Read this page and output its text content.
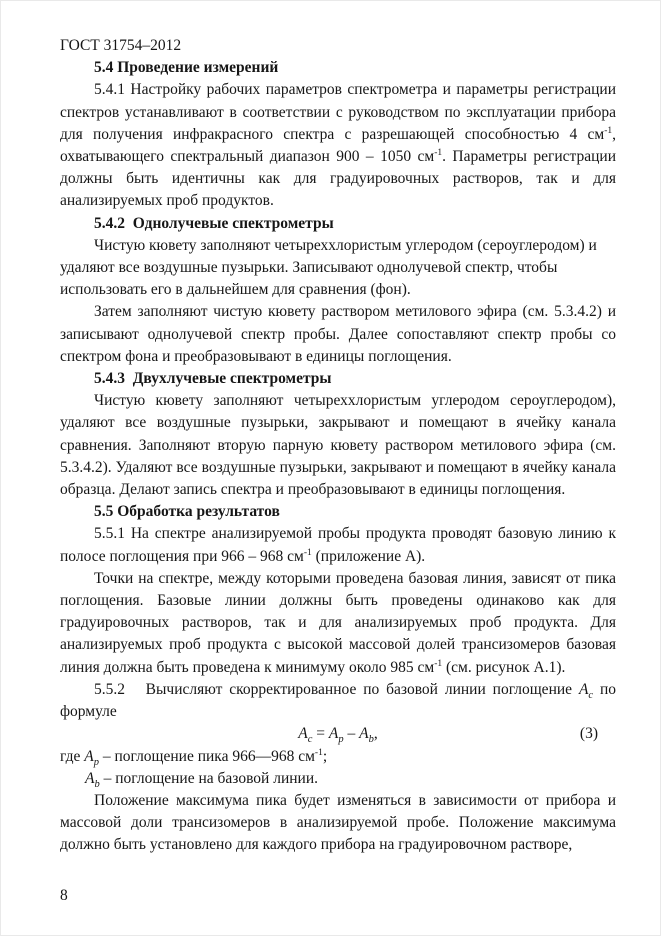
ГОСТ 31754–2012

5.4 Проведение измерений

5.4.1 Настройку рабочих параметров спектрометра и параметры регистрации спектров устанавливают в соответствии с руководством по эксплуатации прибора для получения инфракрасного спектра с разрешающей способностью 4 $см^{-1}$, охватывающего спектральный диапазон 900 – 1050 $см^{-1}$. Параметры регистрации должны быть идентичны как для градуировочных растворов, так и для анализируемых проб продуктов.

5.4.2  Однолучевые спектрометры

Чистую кювету заполняют четыреххлористым углеродом (сероуглеродом) и
удаляют все воздушные пузырьки. Записывают однолучевой спектр, чтобы
использовать его в дальнейшем для сравнения (фон).

Затем заполняют чистую кювету раствором метилового эфира (см. 5.3.4.2) и записывают однолучевой спектр пробы. Далее сопоставляют спектр пробы со спектром фона и преобразовывают в единицы поглощения.

5.4.3  Двухлучевые спектрометры

Чистую кювету заполняют четыреххлористым углеродом сероуглеродом), удаляют все воздушные пузырьки, закрывают и помещают в ячейку канала сравнения. Заполняют вторую парную кювету раствором метилового эфира (см. 5.3.4.2). Удаляют все воздушные пузырьки, закрывают и помещают в ячейку канала образца. Делают запись спектра и преобразовывают в единицы поглощения.

5.5 Обработка результатов

5.5.1 На спектре анализируемой пробы продукта проводят базовую линию к полосе поглощения при 966 – 968 $см^{-1}$ (приложение А).

Точки на спектре, между которыми проведена базовая линия, зависят от пика поглощения. Базовые линии должны быть проведены одинаково как для градуировочных растворов, так и для анализируемых проб продукта. Для анализируемых проб продукта с высокой массовой долей трансизомеров базовая линия должна быть проведена к минимуму около 985 $см^{-1}$ (см. рисунок А.1).

5.5.2   Вычисляют скорректированное по базовой линии поглощение $A_c$ по формуле

$A_c = A_p - A_b$,	(3)

где $A_p$ – поглощение пика 966—968 $см^{-1}$;

$A_b$ – поглощение на базовой линии.

Положение максимума пика будет изменяться в зависимости от прибора и массовой доли трансизомеров в анализируемой пробе. Положение максимума должно быть установлено для каждого прибора на градуировочном растворе,

8
